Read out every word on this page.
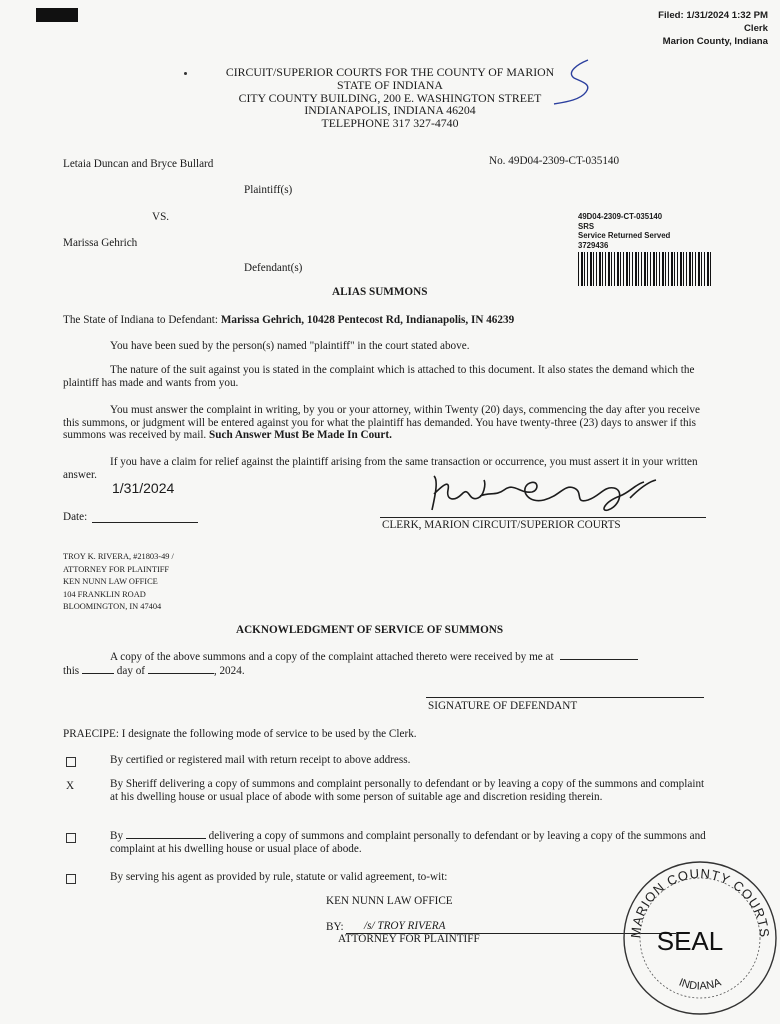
Filed: 1/31/2024 1:32 PM
Clerk
Marion County, Indiana
CIRCUIT/SUPERIOR COURTS FOR THE COUNTY OF MARION
STATE OF INDIANA
CITY COUNTY BUILDING, 200 E. WASHINGTON STREET
INDIANAPOLIS, INDIANA 46204
TELEPHONE 317 327-4740
Letaia Duncan and Bryce Bullard	No. 49D04-2309-CT-035140
Plaintiff(s)
VS.
Marissa Gehrich
Defendant(s)
49D04-2309-CT-035140
SRS
Service Returned Served
3729436
ALIAS SUMMONS
The State of Indiana to Defendant: Marissa Gehrich, 10428 Pentecost Rd, Indianapolis, IN 46239
You have been sued by the person(s) named "plaintiff" in the court stated above.
The nature of the suit against you is stated in the complaint which is attached to this document. It also states the demand which the plaintiff has made and wants from you.
You must answer the complaint in writing, by you or your attorney, within Twenty (20) days, commencing the day after you receive this summons, or judgment will be entered against you for what the plaintiff has demanded. You have twenty-three (23) days to answer if this summons was received by mail. Such Answer Must Be Made In Court.
If you have a claim for relief against the plaintiff arising from the same transaction or occurrence, you must assert it in your written answer.
1/31/2024
Date:
CLERK, MARION CIRCUIT/SUPERIOR COURTS
TROY K. RIVERA, #21803-49 /
ATTORNEY FOR PLAINTIFF
KEN NUNN LAW OFFICE
104 FRANKLIN ROAD
BLOOMINGTON, IN 47404
ACKNOWLEDGMENT OF SERVICE OF SUMMONS
A copy of the above summons and a copy of the complaint attached thereto were received by me at
this	day of	, 2024.
SIGNATURE OF DEFENDANT
PRAECIPE: I designate the following mode of service to be used by the Clerk.
By certified or registered mail with return receipt to above address.
X	By Sheriff delivering a copy of summons and complaint personally to defendant or by leaving a copy of the summons and complaint at his dwelling house or usual place of abode with some person of suitable age and discretion residing therein.
By	delivering a copy of summons and complaint personally to defendant or by leaving a copy of the summons and complaint at his dwelling house or usual place of abode.
By serving his agent as provided by rule, statute or valid agreement, to-wit:
KEN NUNN LAW OFFICE
BY: /s/ TROY RIVERA
ATTORNEY FOR PLAINTIFF
MARION COUNTY COURTS
SEAL
INDIANA
